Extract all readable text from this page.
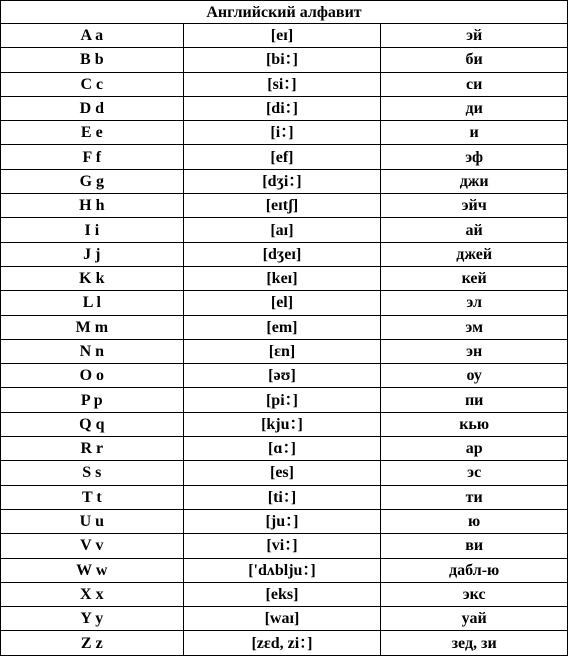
Английский алфавит		
A a	[eɪ]	эй
B b	[bi：]	би
C c	[si：]	си
D d	[di：]	ди
E e	[i：]	и
F f	[ef]	эф
G g	[dʒi：]	джи
H h	[eɪtʃ]	эйч
I i	[aɪ]	ай
J j	[dʒeɪ]	джей
K k	[keɪ]	кей
L l	[el]	эл
M m	[em]	эм
N n	[ɛn]	эн
O o	[əʊ]	оу
P p	[pi：]	пи
Q q	[kju：]	кью
R r	[ɑ：]	ар
S s	[es]	эс
T t	[ti：]	ти
U u	[ju：]	ю
V v	[vi：]	ви
W w	['dʌblju：]	дабл-ю
X x	[eks]	экс
Y y	[waɪ]	уай
Z z	[zɛd, zi：]	зед, зи
